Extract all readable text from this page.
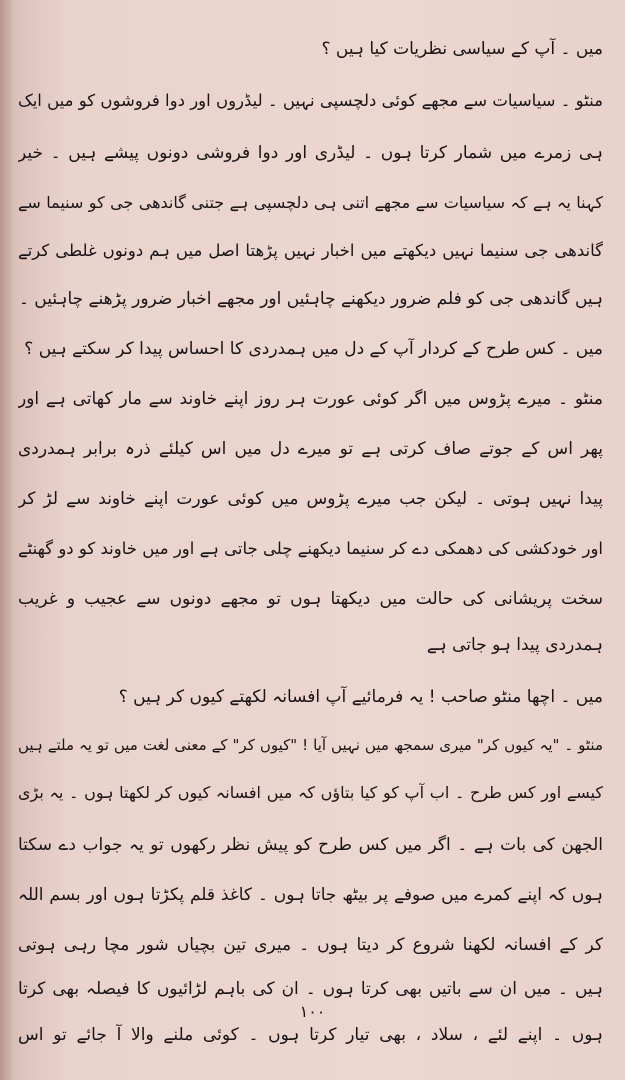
میں ۔ آپ کے سیاسی نظریات کیا ہیں ؟
منٹو ۔ سیاسیات سے مجھے کوئی دلچسپی نہیں ۔ لیڈروں اور دوا فروشوں کو میں ایک
ہی زمرے میں شمار کرتا ہوں ۔ لیڈری اور دوا فروشی دونوں پیشے ہیں ۔ خیر
کہنا یہ ہے کہ سیاسیات سے مجھے اتنی ہی دلچسپی ہے جتنی گاندھی جی کو سنیما سے
گاندھی جی سنیما نہیں دیکھتے میں اخبار نہیں پڑھتا اصل میں ہم دونوں غلطی کرتے
ہیں گاندھی جی کو فلم ضرور دیکھنے چاہئیں اور مجھے اخبار ضرور پڑھنے چاہئیں ۔
میں ۔ کس طرح کے کردار آپ کے دل میں ہمدردی کا احساس پیدا کر سکتے ہیں ؟
منٹو ۔ میرے پڑوس میں اگر کوئی عورت ہر روز اپنے خاوند سے مار کھاتی ہے اور
پھر اس کے جوتے صاف کرتی ہے تو میرے دل میں اس کیلئے ذرہ برابر ہمدردی
پیدا نہیں ہوتی ۔ لیکن جب میرے پڑوس میں کوئی عورت اپنے خاوند سے لڑ کر
اور خودکشی کی دھمکی دے کر سنیما دیکھنے چلی جاتی ہے اور میں خاوند کو دو گھنٹے
سخت پریشانی کی حالت میں دیکھتا ہوں تو مجھے دونوں سے عجیب و غریب
ہمدردی پیدا ہو جاتی ہے
میں ۔ اچھا منٹو صاحب ! یہ فرمائیے آپ افسانہ لکھتے کیوں کر ہیں ؟
منٹو ۔ "یہ کیوں کر" میری سمجھ میں نہیں آیا ! "کیوں کر" کے معنی لغت میں تو یہ ملتے ہیں
کیسے اور کس طرح ۔ اب آپ کو کیا بتاؤں کہ میں افسانہ کیوں کر لکھتا ہوں ۔ یہ بڑی
الجھن کی بات ہے ۔ اگر میں کس طرح کو پیش نظر رکھوں تو یہ جواب دے سکتا
ہوں کہ اپنے کمرے میں صوفے پر بیٹھ جاتا ہوں ۔ کاغذ قلم پکڑتا ہوں اور بسم اللہ
کر کے افسانہ لکھنا شروع کر دیتا ہوں ۔ میری تین بچیاں شور مچا رہی ہوتی
ہیں ۔ میں ان سے باتیں بھی کرتا ہوں ۔ ان کی باہم لڑائیوں کا فیصلہ بھی کرتا
ہوں ۔ اپنے لئے ، سلاد ، بھی تیار کرتا ہوں ۔ کوئی ملنے والا آ جائے تو اس
۱۰۰
